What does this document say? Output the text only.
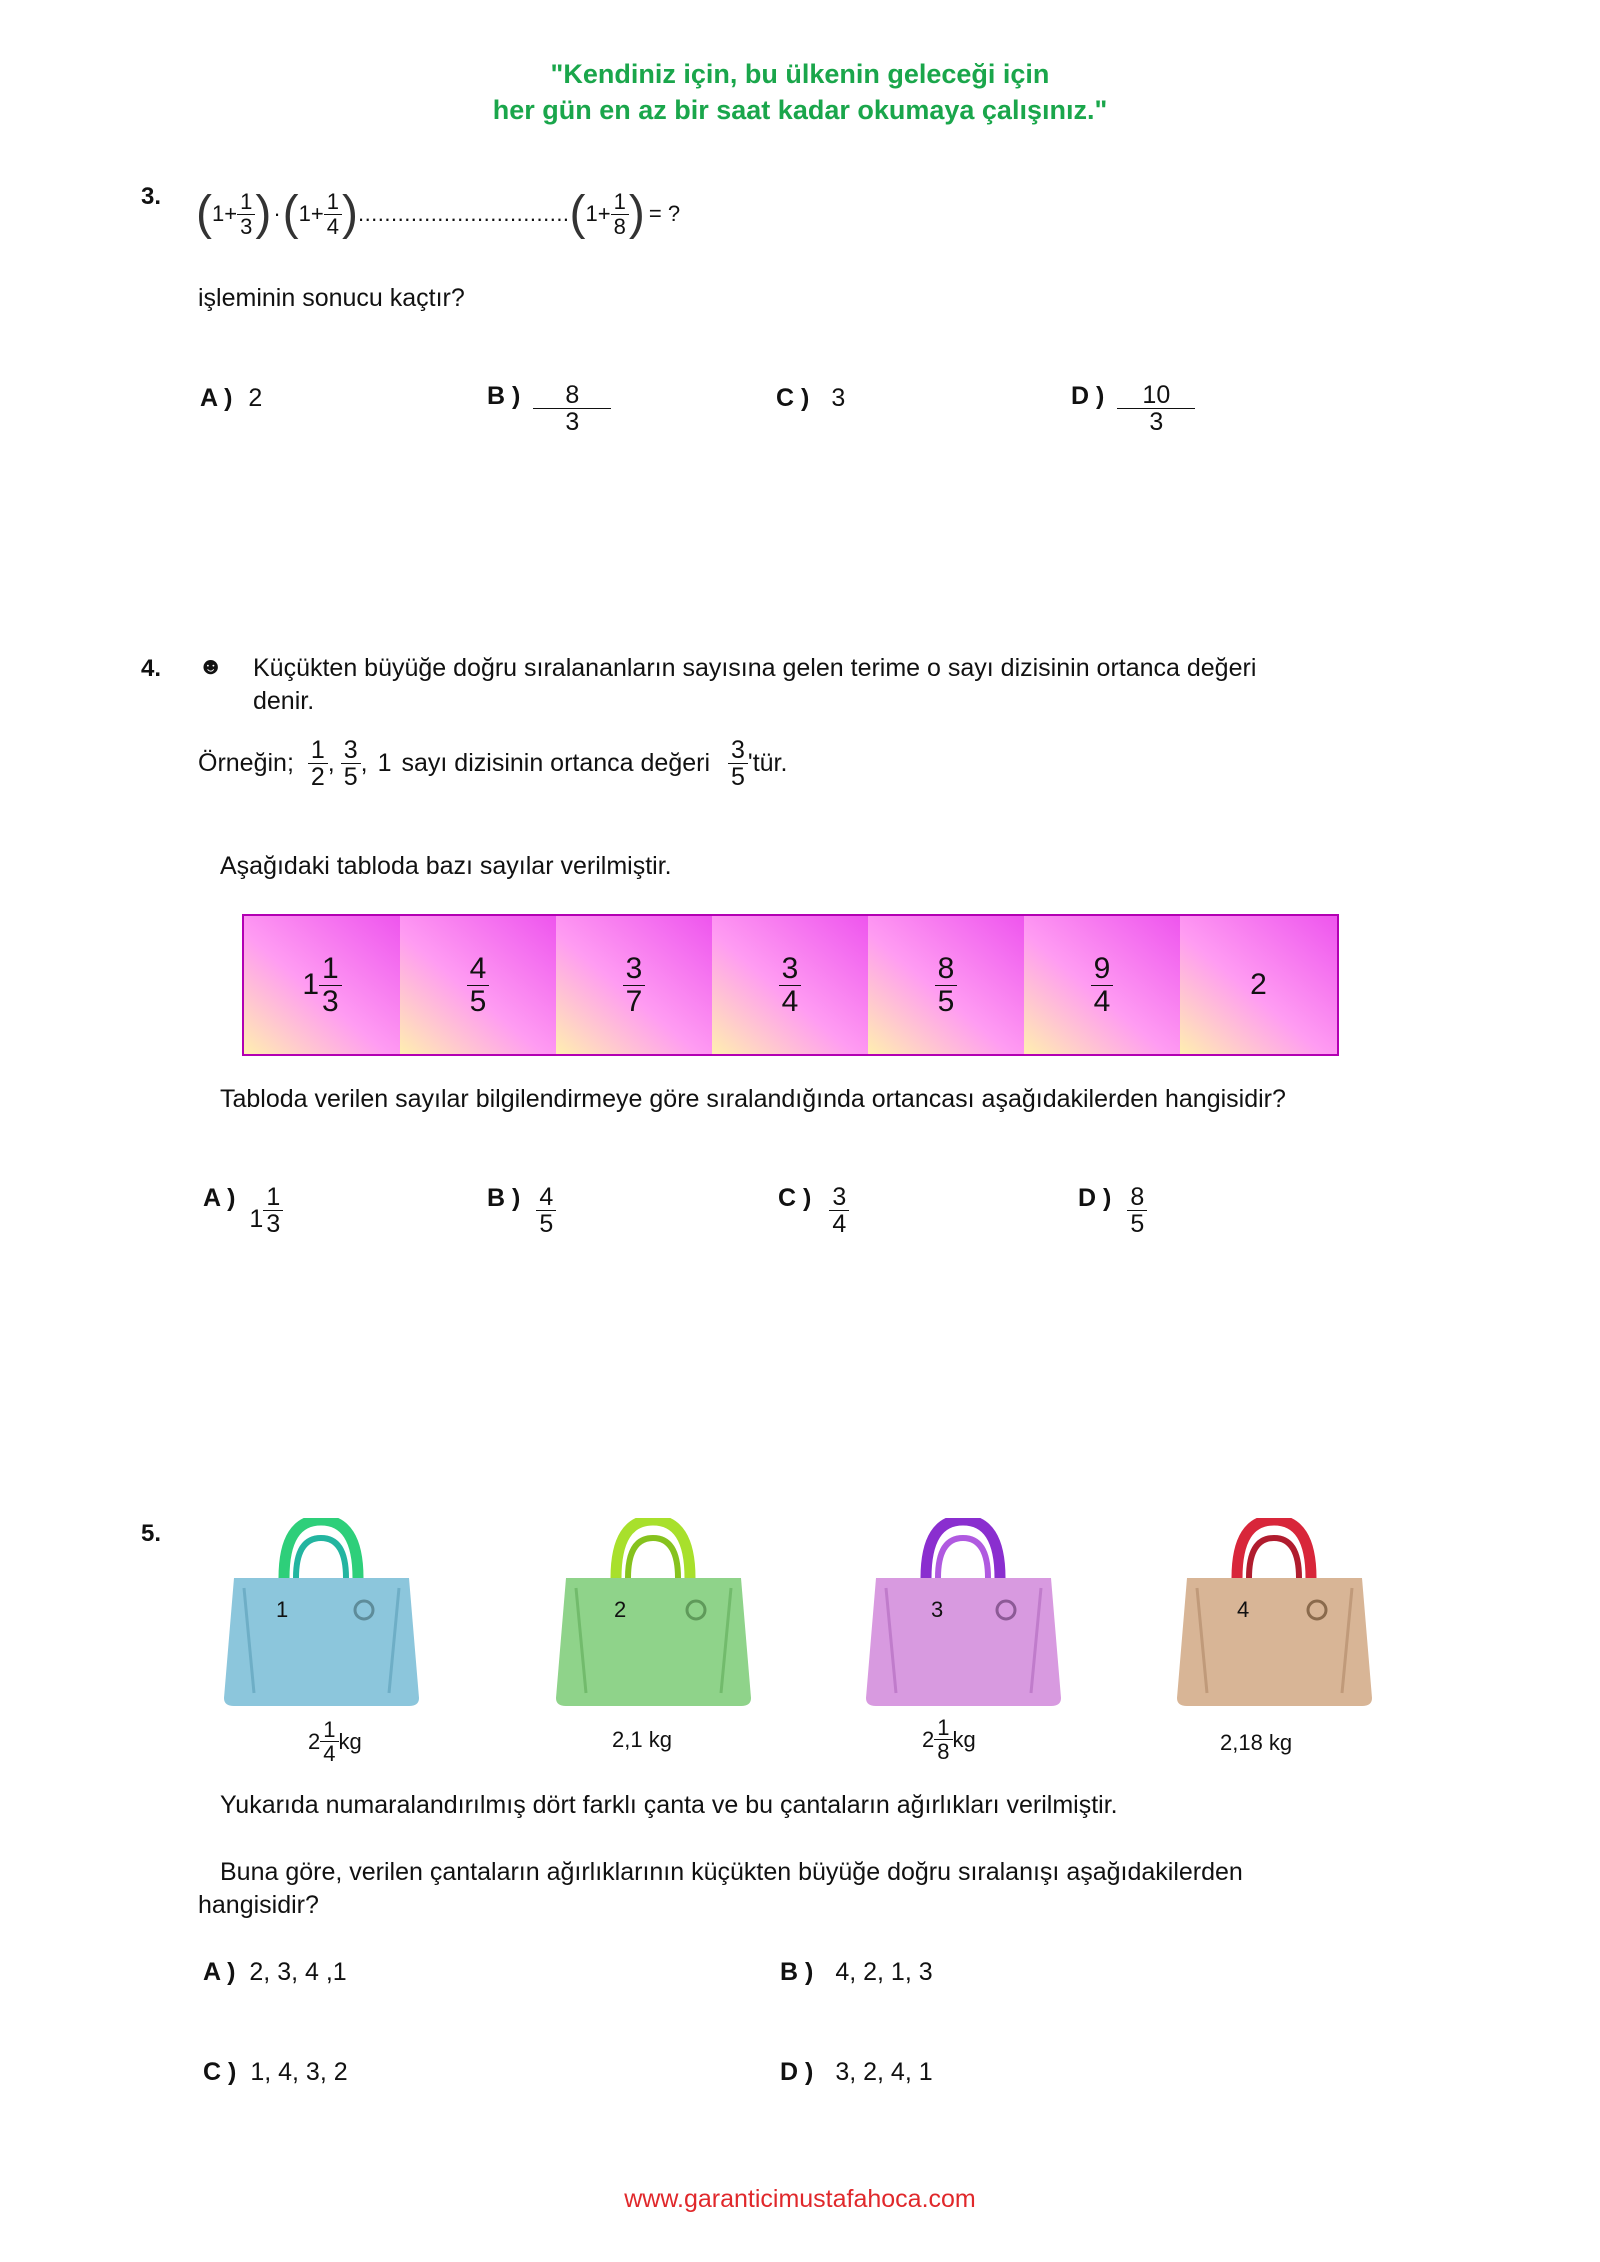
"Kendiniz için, bu ülkenin geleceği için
her gün en az bir saat kadar okumaya çalışınız."
3. ( $1+ \frac{1}{3}$ ) · ( $1+ \frac{1}{4}$ ) ................................ ( $1+ \frac{1}{8}$ ) = ?
işleminin sonucu kaçtır?
A ) 2	B ) $\frac{8}{3}$	C ) 3	D ) $\frac{10}{3}$
4. ☻ Küçükten büyüğe doğru sıralananların sayısına gelen terime o sayı dizisinin ortanca değeri
denir.
Örneğin; $\frac{1}{2}$ , $\frac{3}{5}$ , 1 sayı dizisinin ortanca değeri $\frac{3}{5}$ 'tür.
Aşağıdaki tabloda bazı sayılar verilmiştir.
$1 \frac{1}{3}$	$\frac{4}{5}$	$\frac{3}{7}$	$\frac{3}{4}$	$\frac{8}{5}$	$\frac{9}{4}$	2
Tabloda verilen sayılar bilgilendirmeye göre sıralandığında ortancası aşağıdakilerden hangisidir?
A )
$1 \frac{1}{3}$	B ) $\frac{4}{5}$	C ) $\frac{3}{4}$	D ) $\frac{8}{5}$
5.
1	2	3	4
$2 \frac{1}{4}$ kg	2,1 kg	$2 \frac{1}{8}$ kg	2,18 kg
Yukarıda numaralandırılmış dört farklı çanta ve bu çantaların ağırlıkları verilmiştir.
Buna göre, verilen çantaların ağırlıklarının küçükten büyüğe doğru sıralanışı aşağıdakilerden
hangisidir?
A ) 2, 3, 4 ,1	B ) 4, 2, 1, 3
C ) 1, 4, 3, 2	D ) 3, 2, 4, 1
www.garanticimustafahoca.com
